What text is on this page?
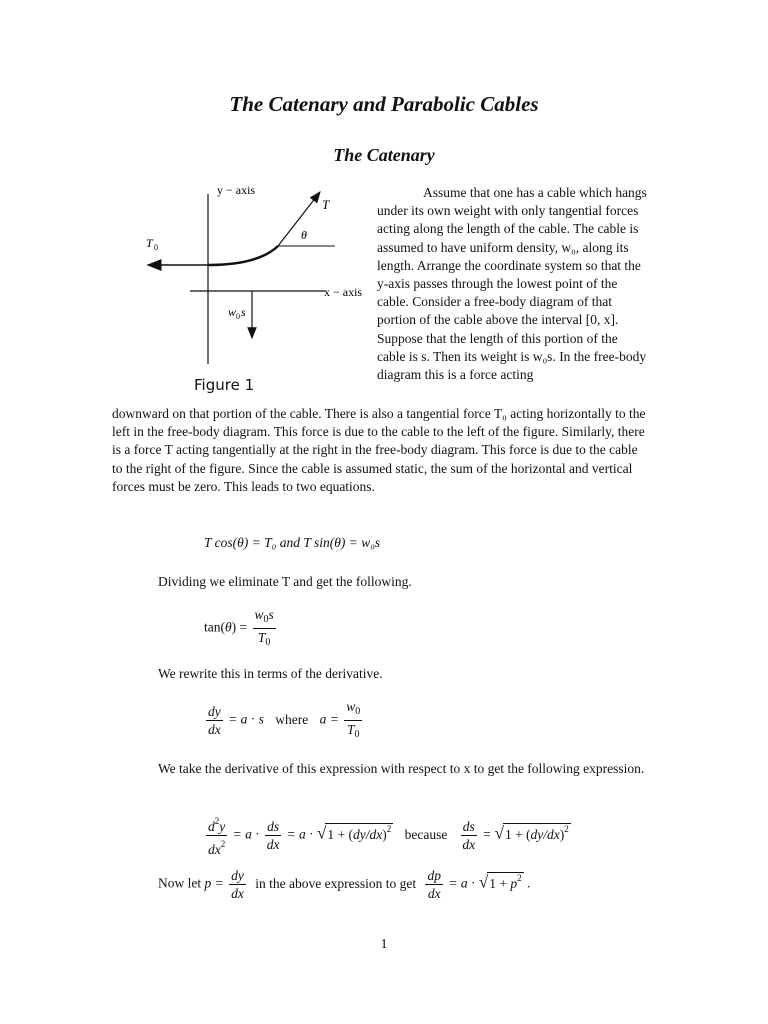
The Catenary and Parabolic Cables
The Catenary
y − axis
x − axis
T
θ
T 0
w 0 s
Figure 1
Assume that one has a cable which hangs under its own weight with only tangential forces acting along the length of the cable. The cable is assumed to have uniform density, w₀, along its length. Arrange the coordinate system so that the y-axis passes through the lowest point of the cable. Consider a free-body diagram of that portion of the cable above the interval [0, x]. Suppose that the length of this portion of the cable is s. Then its weight is w₀s. In the free-body diagram this is a force acting
downward on that portion of the cable. There is also a tangential force T₀ acting horizontally to the left in the free-body diagram. This force is due to the cable to the left of the figure. Similarly, there is a force T acting tangentially at the right in the free-body diagram. This force is due to the cable to the right of the figure. Since the cable is assumed static, the sum of the horizontal and vertical forces must be zero. This leads to two equations.
T cos(θ) = T₀ and T sin(θ) = w₀s
Dividing we eliminate T and get the following.
$\tan(\theta) = \frac{w_0s}{T_0}$
We rewrite this in terms of the derivative.
$\frac{dy}{dx} = a \cdot s$ where $a = \frac{w_0}{T_0}$
We take the derivative of this expression with respect to x to get the following expression.
$\frac{d^2y}{dx^2} = a \cdot \frac{ds}{dx} = a \cdot √1 + (dy/dx)^2$ because $\frac{ds}{dx} = √1 + (dy/dx)^2$
Now let $p = \frac{dy}{dx}$ in the above expression to get $\frac{dp}{dx} = a \cdot √1 + p^2$ .
1
